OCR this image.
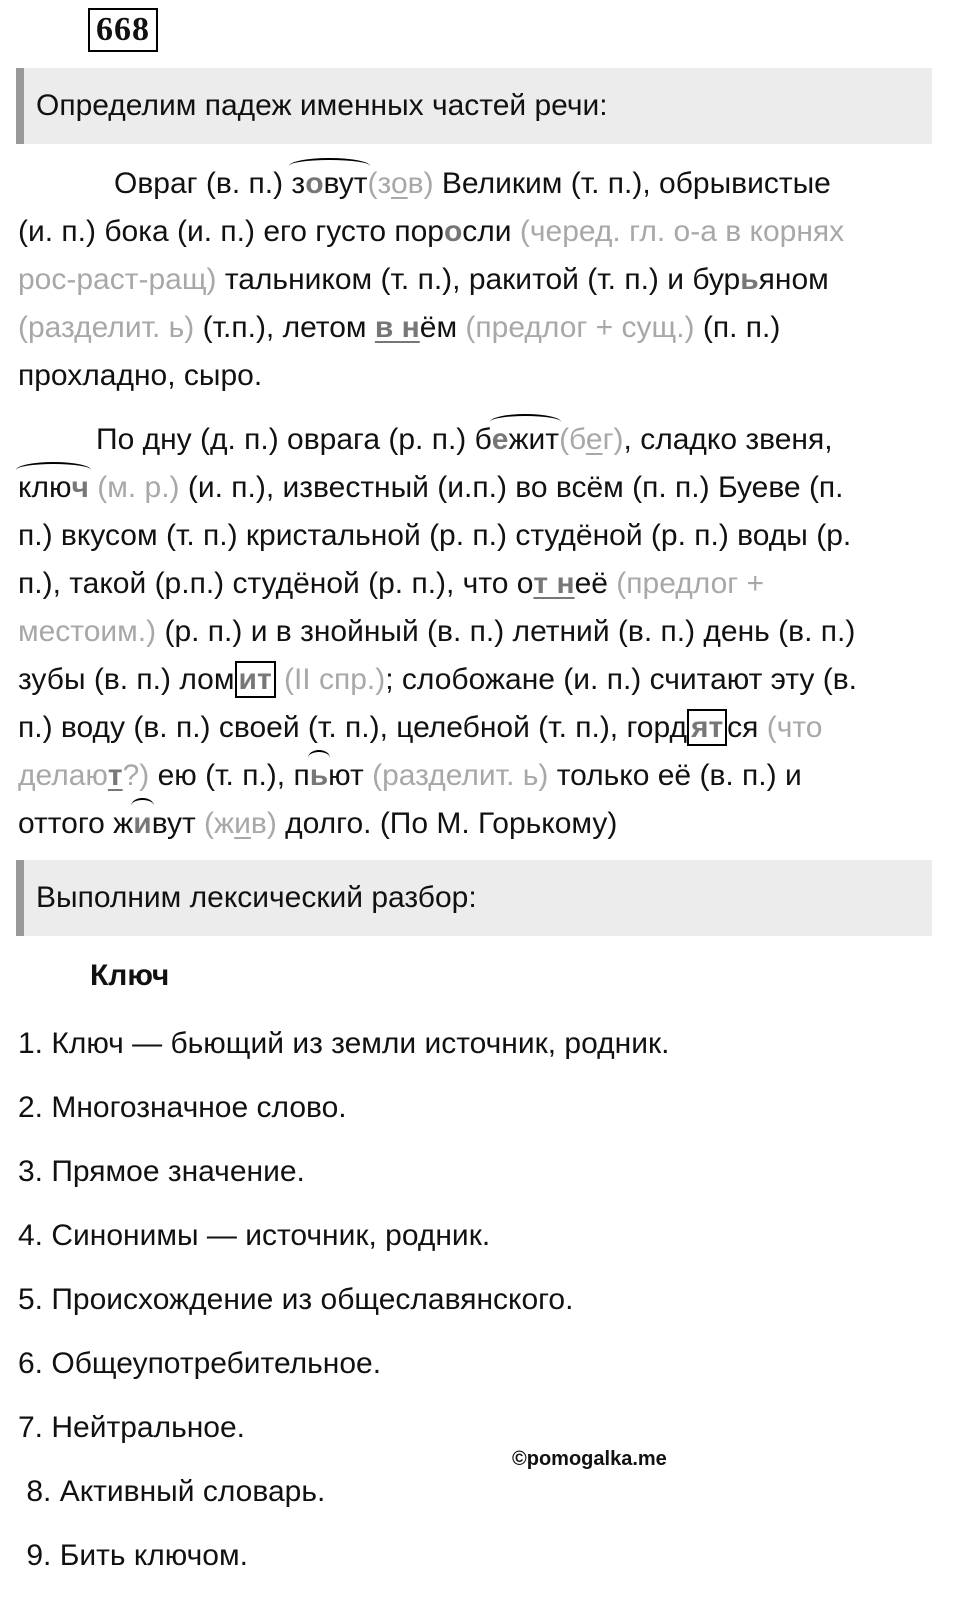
668
Определим падеж именных частей речи:
Овраг (в. п.) зовут(зов) Великим (т. п.), обрывистые
(и. п.) бока (и. п.) его густо поросли (черед. гл. о-а в корнях
рос-раст-ращ) тальником (т. п.), ракитой (т. п.) и бурьяном
(разделит. ь) (т.п.), летом в нём (предлог + сущ.) (п. п.)
прохладно, сыро.
По дну (д. п.) оврага (р. п.) бежит(бег), сладко звеня,
ключ (м. р.) (и. п.), известный (и.п.) во всём (п. п.) Буеве (п.
п.) вкусом (т. п.) кристальной (р. п.) студёной (р. п.) воды (р.
п.), такой (р.п.) студёной (р. п.), что от неё (предлог +
местоим.) (р. п.) и в знойный (в. п.) летний (в. п.) день (в. п.)
зубы (в. п.) лом ит (II спр.); слобожане (и. п.) считают эту (в.
п.) воду (в. п.) своей (т. п.), целебной (т. п.), горд ят ся (что
делают?) ею (т. п.), пьют (разделит. ь) только её (в. п.) и
оттого живут (жив) долго. (По М. Горькому)
Выполним лексический разбор:
Ключ
1. Ключ — бьющий из земли источник, родник.
2. Многозначное слово.
3. Прямое значение.
4. Синонимы — источник, родник.
5. Происхождение из общеславянского.
6. Общеупотребительное.
7. Нейтральное.
8. Активный словарь.
9. Бить ключом.
©pomogalka.me
